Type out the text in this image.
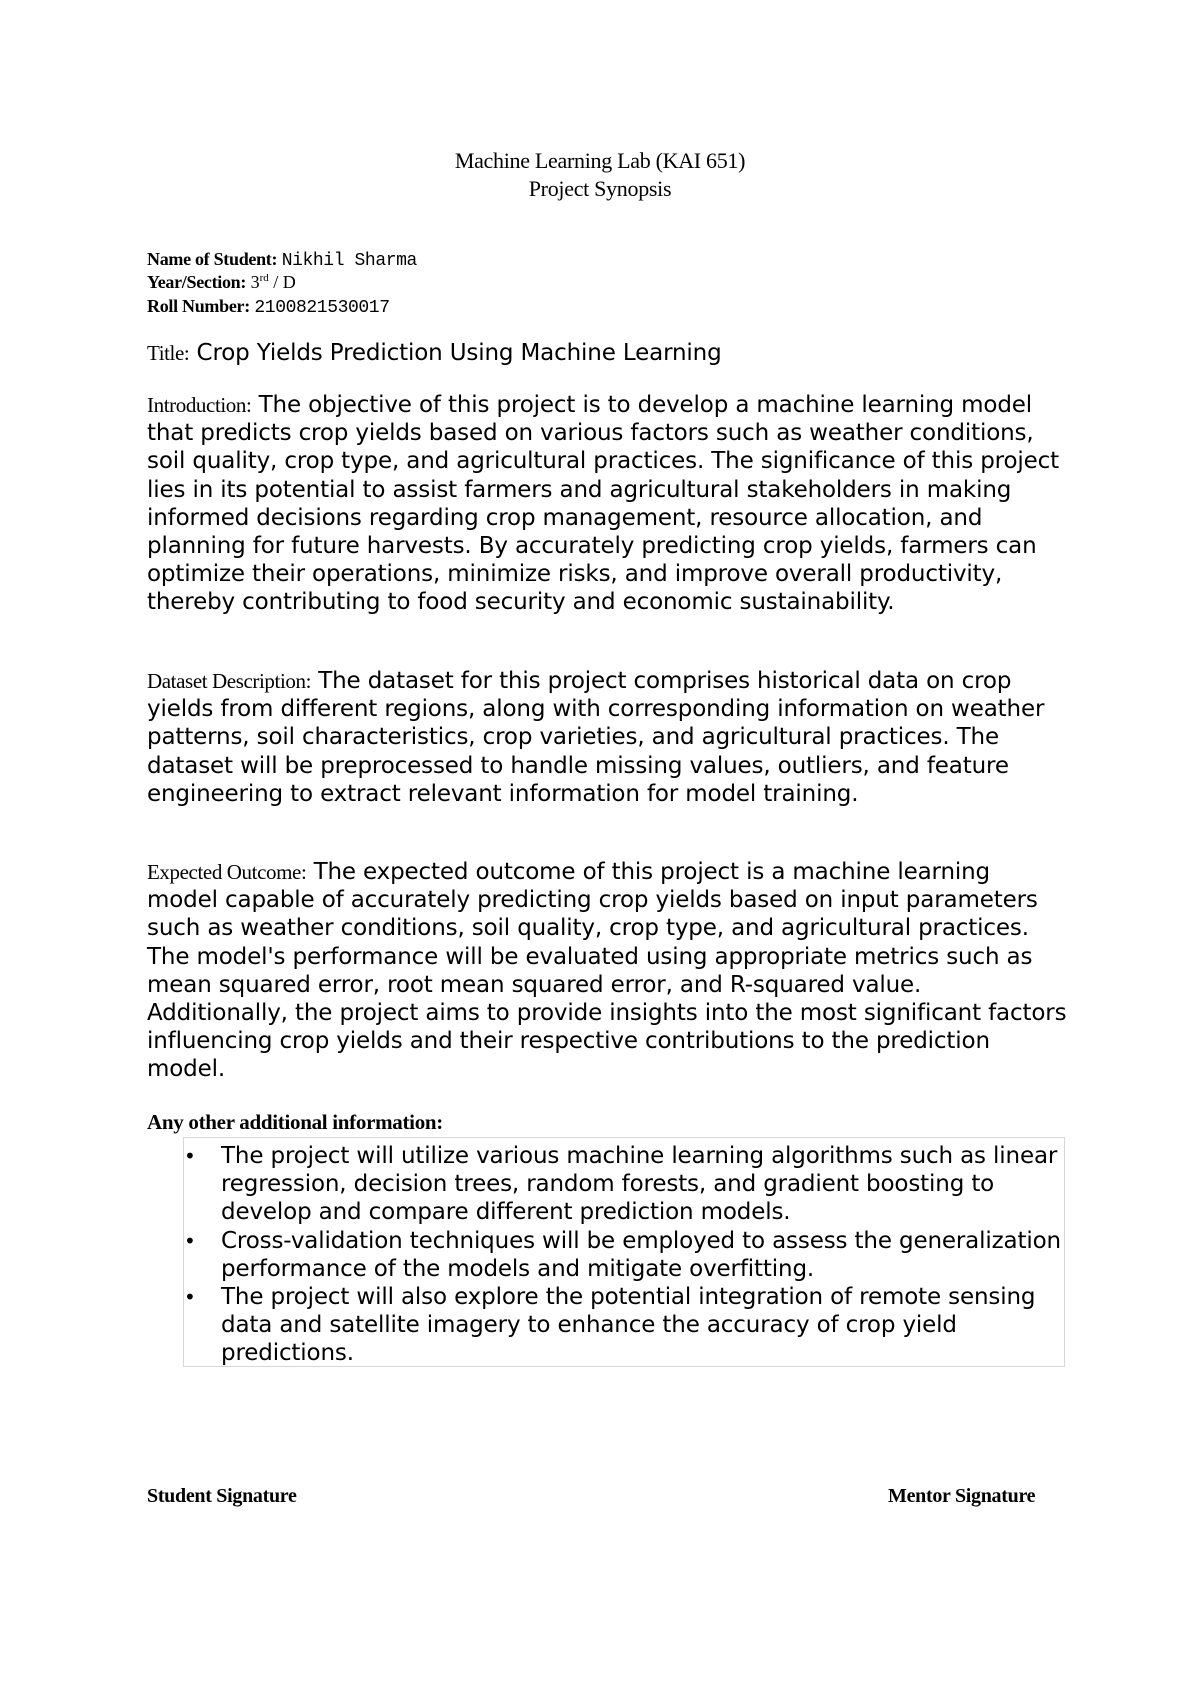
Machine Learning Lab (KAI 651)
Project Synopsis
Name of Student: Nikhil Sharma
Year/Section: 3rd / D
Roll Number: 2100821530017

Title: Crop Yields Prediction Using Machine Learning

Introduction: The objective of this project is to develop a machine learning model that predicts crop yields based on various factors such as weather conditions, soil quality, crop type, and agricultural practices. The significance of this project lies in its potential to assist farmers and agricultural stakeholders in making informed decisions regarding crop management, resource allocation, and planning for future harvests. By accurately predicting crop yields, farmers can optimize their operations, minimize risks, and improve overall productivity, thereby contributing to food security and economic sustainability.

Dataset Description: The dataset for this project comprises historical data on crop yields from different regions, along with corresponding information on weather patterns, soil characteristics, crop varieties, and agricultural practices. The dataset will be preprocessed to handle missing values, outliers, and feature engineering to extract relevant information for model training.

Expected Outcome: The expected outcome of this project is a machine learning model capable of accurately predicting crop yields based on input parameters such as weather conditions, soil quality, crop type, and agricultural practices. The model's performance will be evaluated using appropriate metrics such as mean squared error, root mean squared error, and R-squared value. Additionally, the project aims to provide insights into the most significant factors influencing crop yields and their respective contributions to the prediction model.

Any other additional information:
• The project will utilize various machine learning algorithms such as linear regression, decision trees, random forests, and gradient boosting to develop and compare different prediction models.
• Cross-validation techniques will be employed to assess the generalization performance of the models and mitigate overfitting.
• The project will also explore the potential integration of remote sensing data and satellite imagery to enhance the accuracy of crop yield predictions.
Student Signature	Mentor Signature
